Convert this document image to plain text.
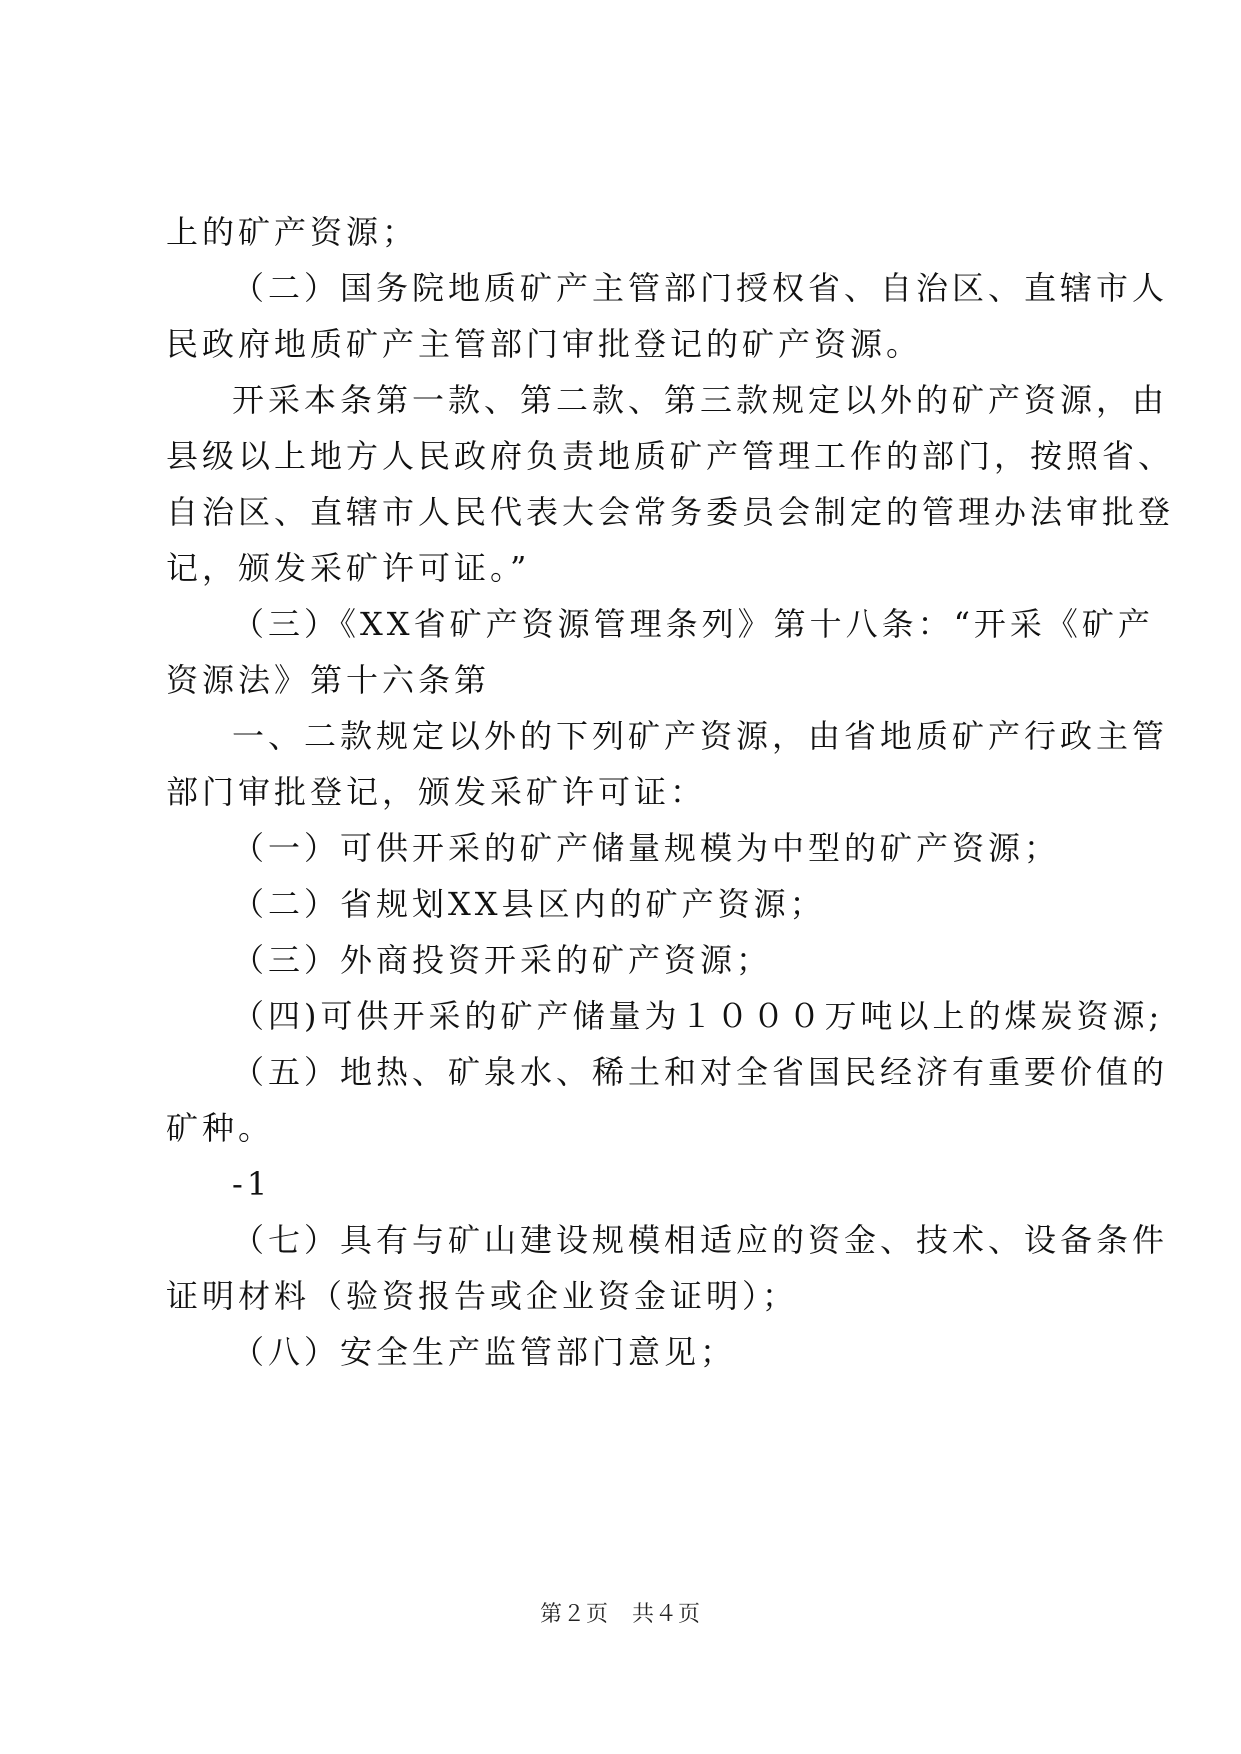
上的矿产资源；
（二）国务院地质矿产主管部门授权省、自治区、直辖市人
民政府地质矿产主管部门审批登记的矿产资源。
开采本条第一款、第二款、第三款规定以外的矿产资源，由
县级以上地方人民政府负责地质矿产管理工作的部门，按照省、
自治区、直辖市人民代表大会常务委员会制定的管理办法审批登
记，颁发采矿许可证。”
（三）《XX省矿产资源管理条列》第十八条：“开采《矿产
资源法》第十六条第
一、二款规定以外的下列矿产资源，由省地质矿产行政主管
部门审批登记，颁发采矿许可证：
（一）可供开采的矿产储量规模为中型的矿产资源；
（二）省规划XX县区内的矿产资源；
（三）外商投资开采的矿产资源；
（四)可供开采的矿产储量为１０００万吨以上的煤炭资源;
（五）地热、矿泉水、稀土和对全省国民经济有重要价值的
矿种。
-1
（七）具有与矿山建设规模相适应的资金、技术、设备条件
证明材料（验资报告或企业资金证明）；
（八）安全生产监管部门意见；
第２页　共４页
